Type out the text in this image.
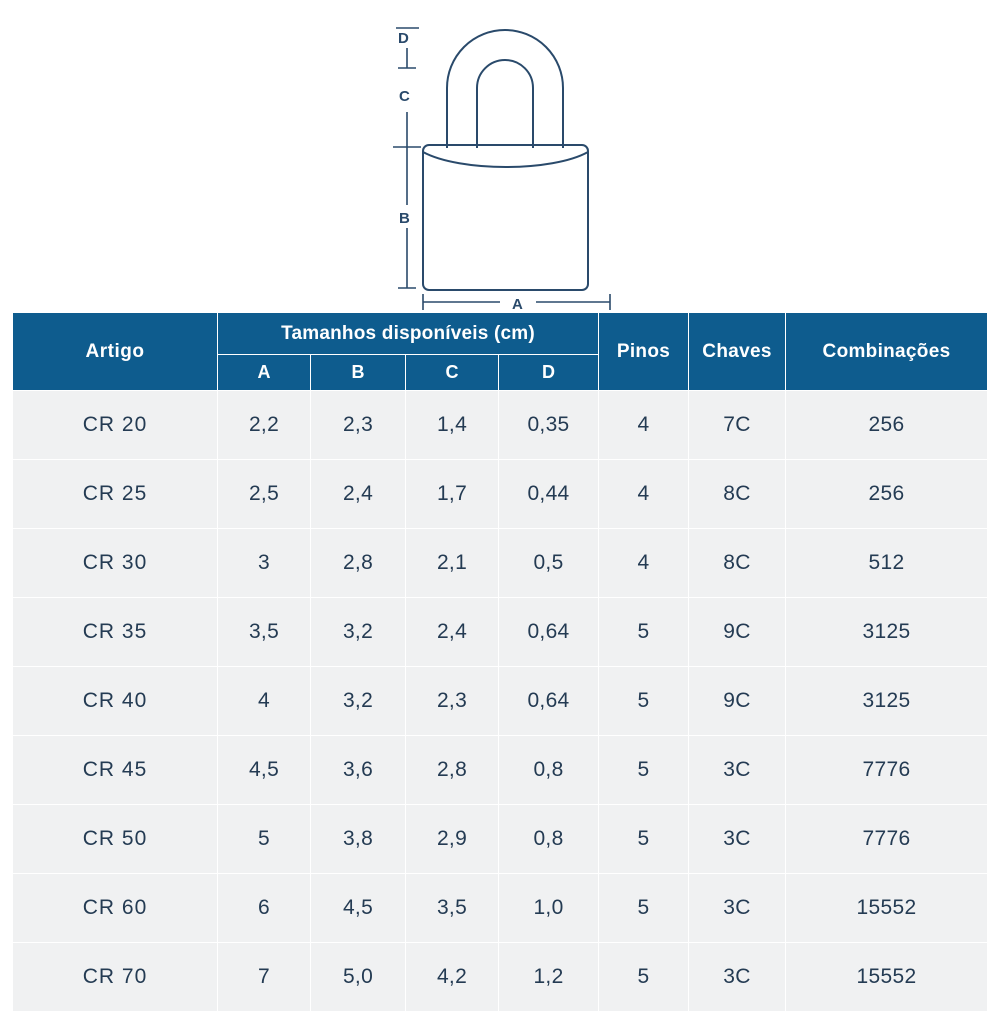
D
C
B
A
Artigo	Tamanhos disponíveis (cm)				Pinos	Chaves	Combinações
	A	B	C	D			
CR 20	2,2	2,3	1,4	0,35	4	7C	256
CR 25	2,5	2,4	1,7	0,44	4	8C	256
CR 30	3	2,8	2,1	0,5	4	8C	512
CR 35	3,5	3,2	2,4	0,64	5	9C	3125
CR 40	4	3,2	2,3	0,64	5	9C	3125
CR 45	4,5	3,6	2,8	0,8	5	3C	7776
CR 50	5	3,8	2,9	0,8	5	3C	7776
CR 60	6	4,5	3,5	1,0	5	3C	15552
CR 70	7	5,0	4,2	1,2	5	3C	15552
